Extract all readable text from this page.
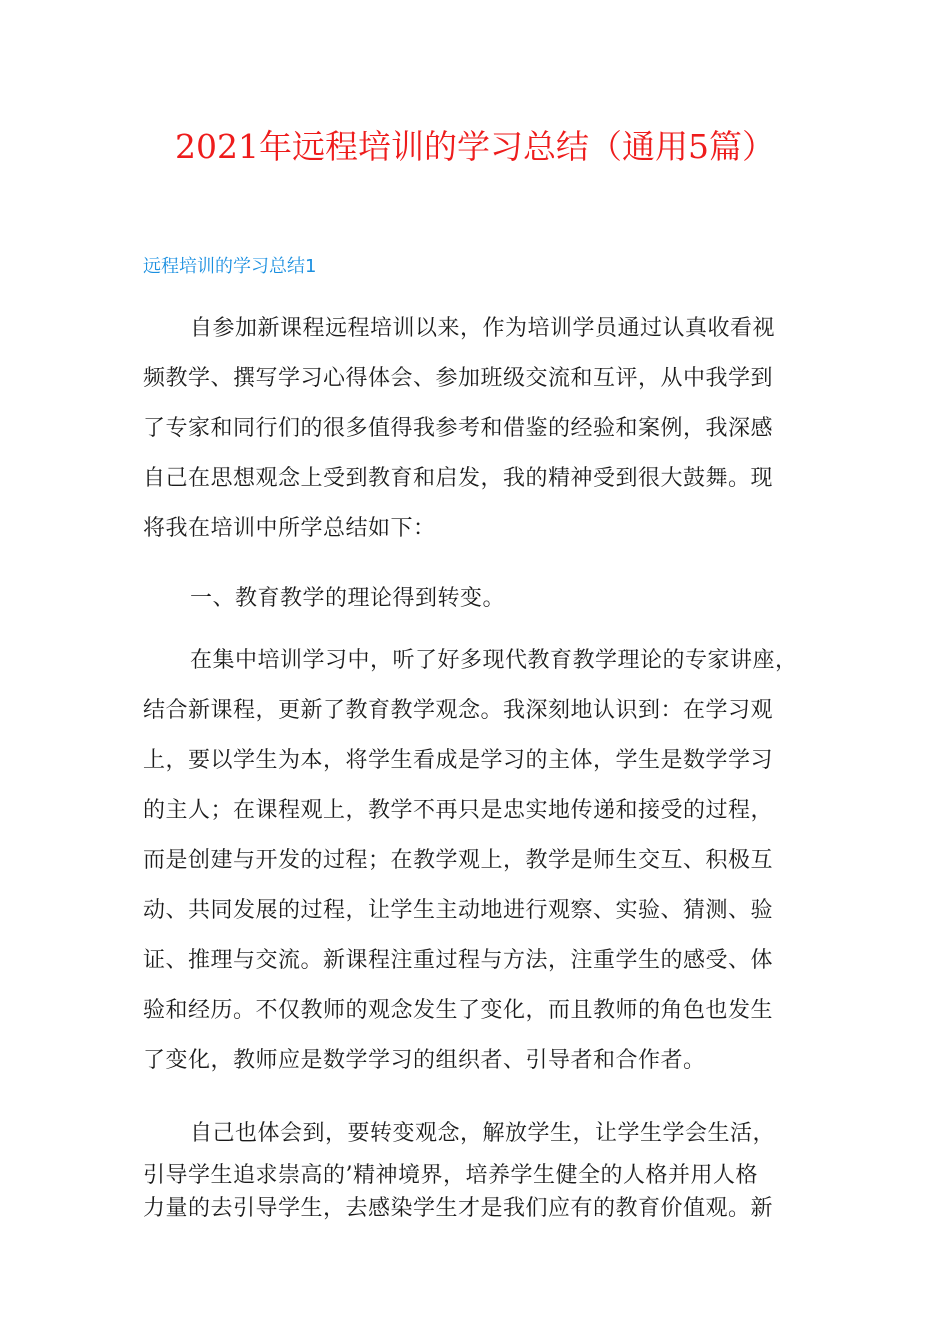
2021年远程培训的学习总结（通用5篇）
远程培训的学习总结1

自参加新课程远程培训以来，作为培训学员通过认真收看视
频教学、撰写学习心得体会、参加班级交流和互评，从中我学到
了专家和同行们的很多值得我参考和借鉴的经验和案例，我深感
自己在思想观念上受到教育和启发，我的精神受到很大鼓舞。现
将我在培训中所学总结如下：

一、教育教学的理论得到转变。

在集中培训学习中，听了好多现代教育教学理论的专家讲座，
结合新课程，更新了教育教学观念。我深刻地认识到：在学习观
上，要以学生为本，将学生看成是学习的主体，学生是数学学习
的主人；在课程观上，教学不再只是忠实地传递和接受的过程，
而是创建与开发的过程；在教学观上，教学是师生交互、积极互
动、共同发展的过程，让学生主动地进行观察、实验、猜测、验
证、推理与交流。新课程注重过程与方法，注重学生的感受、体
验和经历。不仅教师的观念发生了变化，而且教师的角色也发生
了变化，教师应是数学学习的组织者、引导者和合作者。

自己也体会到，要转变观念，解放学生，让学生学会生活，
引导学生追求崇高的’精神境界，培养学生健全的人格并用人格
力量的去引导学生，去感染学生才是我们应有的教育价值观。新
